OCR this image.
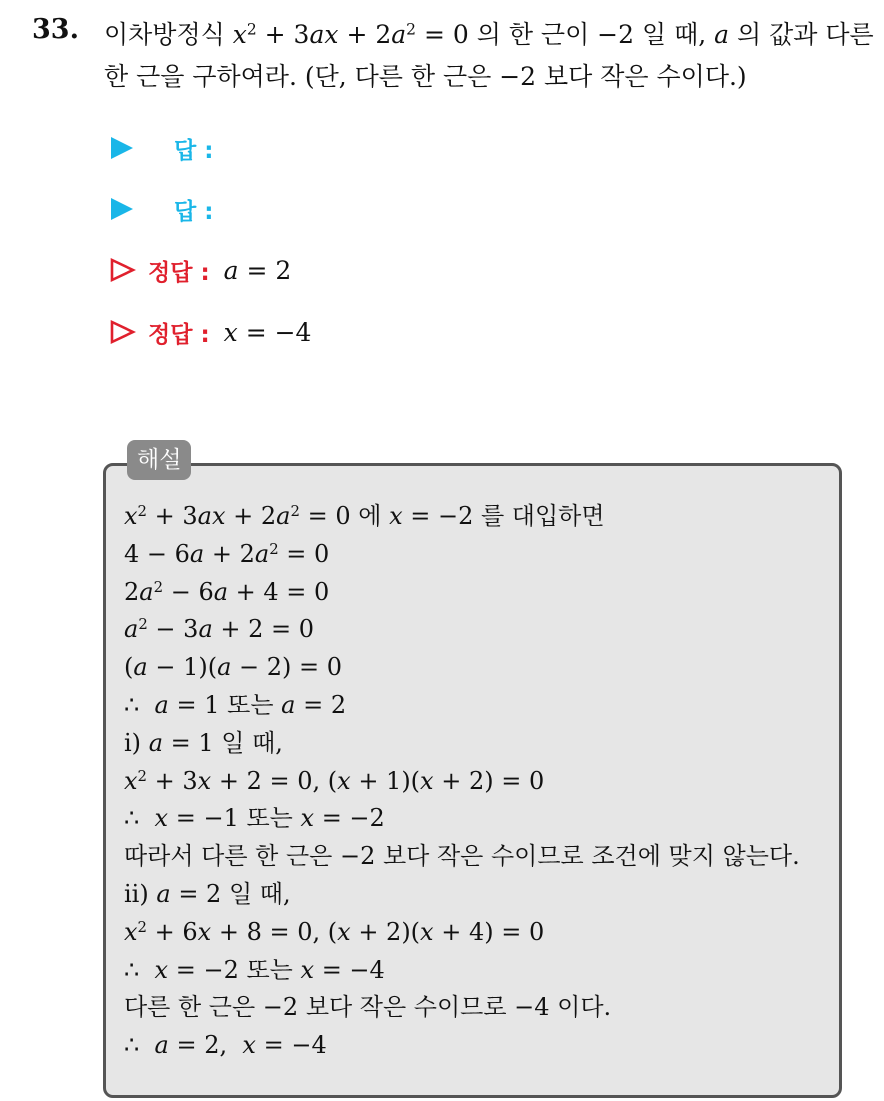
33. 이차방정식 $x^2 + 3ax + 2a^2 = 0$ 의 한 근이 −2 일 때, a 의 값과 다른
한 근을 구하여라. (단, 다른 한 근은 −2 보다 작은 수이다.)
답 :
답 :
정답 : a = 2
정답 : x = −4
해설
$x^2 + 3ax + 2a^2 = 0$ 에 x = −2 를 대입하면
$4 - 6a + 2a^2 = 0$
$2a^2 - 6a + 4 = 0$
$a^2 - 3a + 2 = 0$
(a − 1)(a − 2) = 0
∴ a = 1 또는 a = 2
i) a = 1 일 때,
$x^2 + 3x + 2 = 0$, (x + 1)(x + 2) = 0
∴ x = −1 또는 x = −2
따라서 다른 한 근은 −2 보다 작은 수이므로 조건에 맞지 않는다.
ii) a = 2 일 때,
$x^2 + 6x + 8 = 0$, (x + 2)(x + 4) = 0
∴ x = −2 또는 x = −4
다른 한 근은 −2 보다 작은 수이므로 −4 이다.
∴ a = 2, x = −4
